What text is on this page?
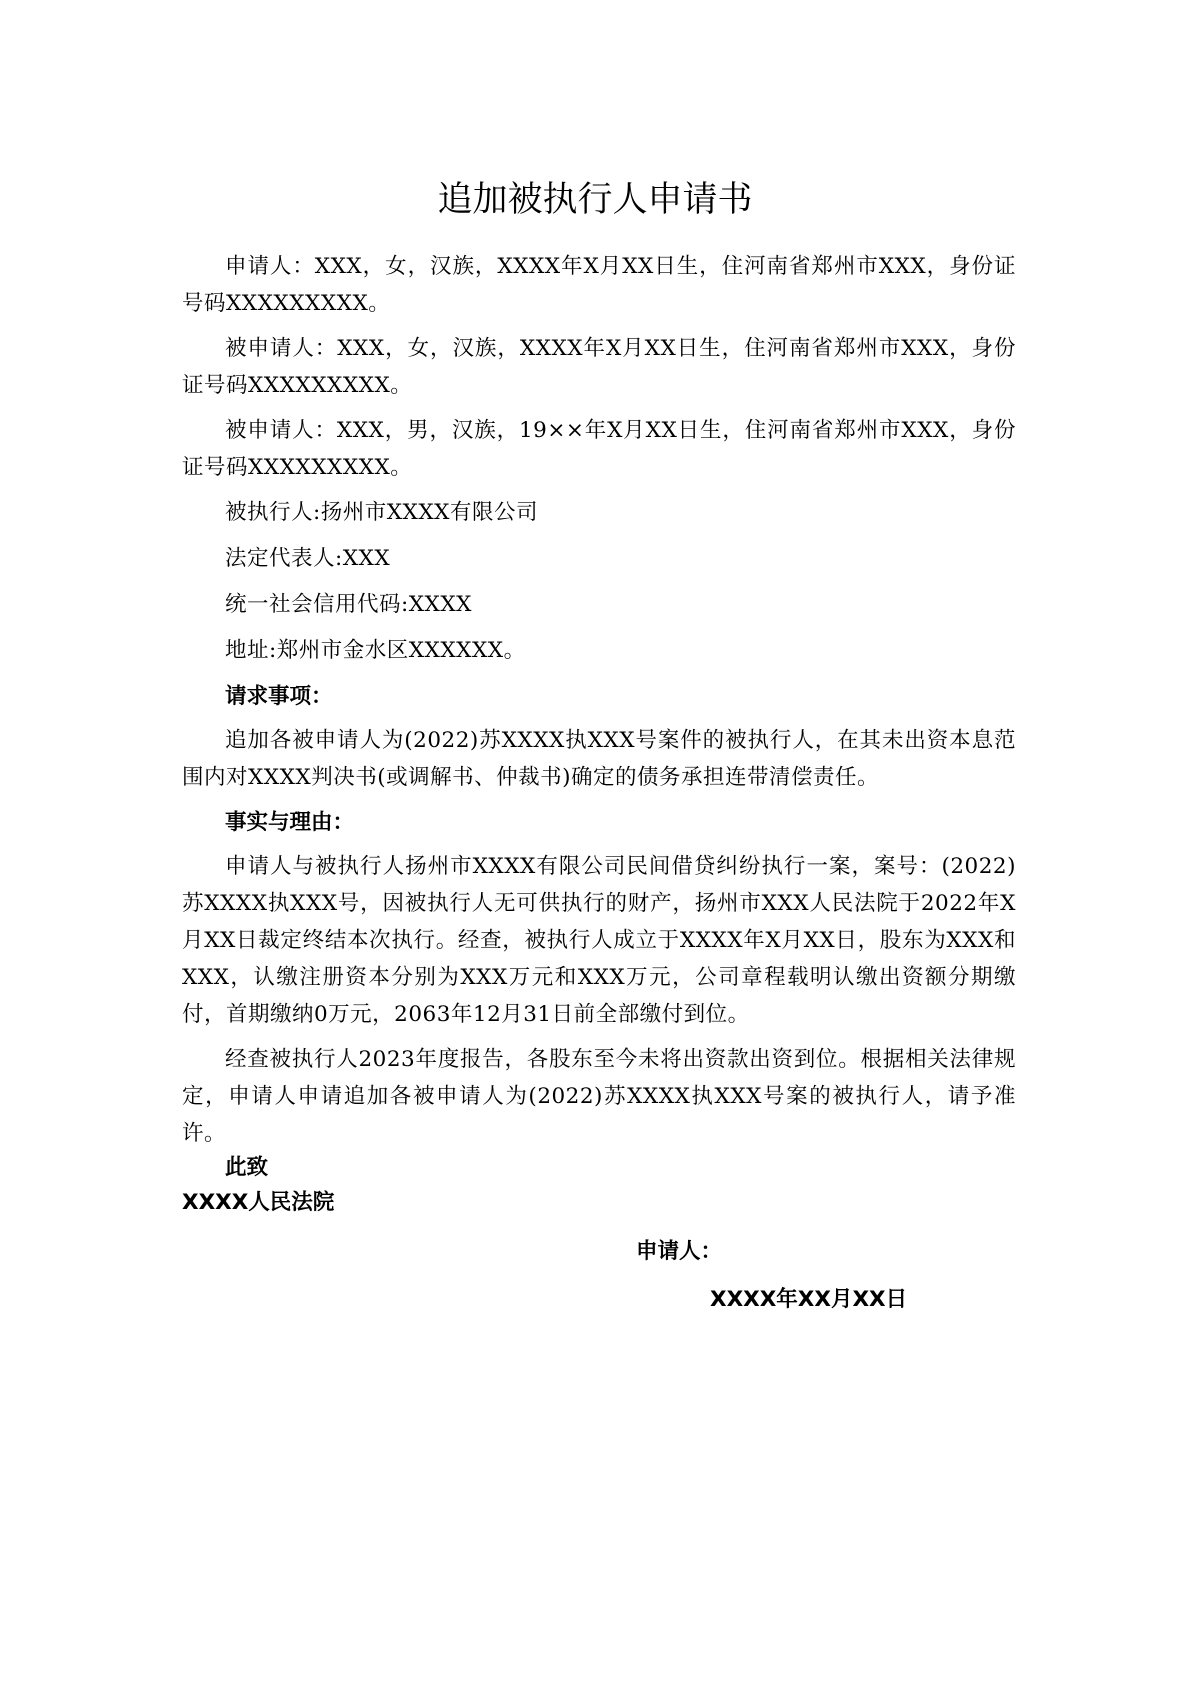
追加被执行人申请书

申请人：XXX，女，汉族，XXXX年X月XX日生，住河南省郑州市XXX，身份证号码XXXXXXXXX。

被申请人：XXX，女，汉族，XXXX年X月XX日生，住河南省郑州市XXX，身份证号码XXXXXXXXX。

被申请人：XXX，男，汉族，19××年X月XX日生，住河南省郑州市XXX，身份证号码XXXXXXXXX。

被执行人:扬州市XXXX有限公司

法定代表人:XXX

统一社会信用代码:XXXX

地址:郑州市金水区XXXXXX。

请求事项：

追加各被申请人为(2022)苏XXXX执XXX号案件的被执行人，在其未出资本息范围内对XXXX判决书(或调解书、仲裁书)确定的债务承担连带清偿责任。

事实与理由：

申请人与被执行人扬州市XXXX有限公司民间借贷纠纷执行一案，案号：(2022)苏XXXX执XXX号，因被执行人无可供执行的财产，扬州市XXX人民法院于2022年X月XX日裁定终结本次执行。经查，被执行人成立于XXXX年X月XX日，股东为XXX和XXX，认缴注册资本分别为XXX万元和XXX万元，公司章程载明认缴出资额分期缴付，首期缴纳0万元，2063年12月31日前全部缴付到位。

经查被执行人2023年度报告，各股东至今未将出资款出资到位。根据相关法律规定，申请人申请追加各被申请人为(2022)苏XXXX执XXX号案的被执行人，请予准许。

此致

XXXX人民法院

申请人：
XXXX年XX月XX日
